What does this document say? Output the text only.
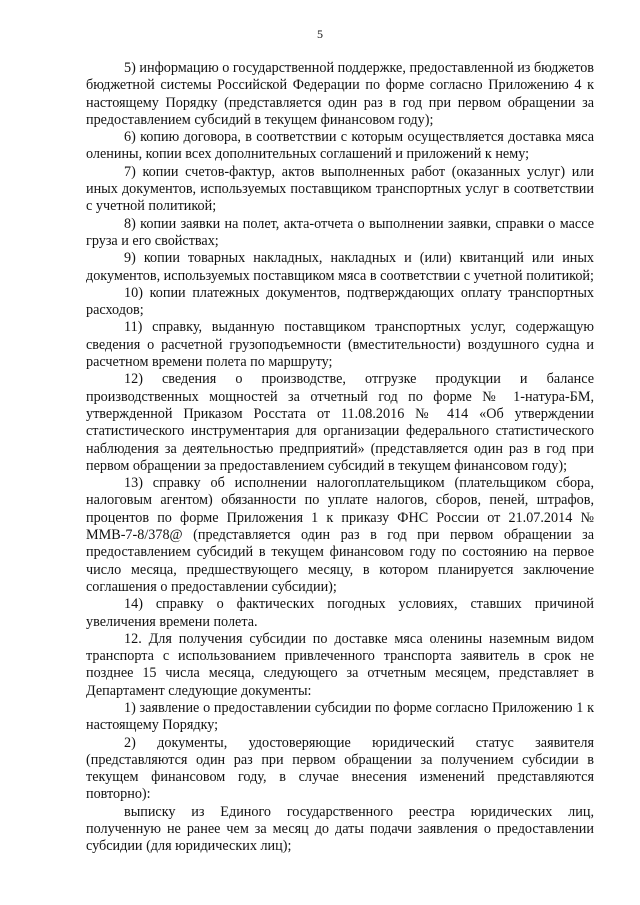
5

5) информацию о государственной поддержке, предоставленной из бюджетов бюджетной системы Российской Федерации по форме согласно Приложению 4 к настоящему Порядку (представляется один раз в год при первом обращении за предоставлением субсидий в текущем финансовом году);

6) копию договора, в соответствии с которым осуществляется доставка мяса оленины, копии всех дополнительных соглашений и приложений к нему;

7) копии счетов-фактур, актов выполненных работ (оказанных услуг) или иных документов, используемых поставщиком транспортных услуг в соответствии с учетной политикой;

8) копии заявки на полет, акта-отчета о выполнении заявки, справки о массе груза и его свойствах;

9) копии товарных накладных, накладных и (или) квитанций или иных документов, используемых поставщиком мяса в соответствии с учетной политикой;

10) копии платежных документов, подтверждающих оплату транспортных расходов;

11) справку, выданную поставщиком транспортных услуг, содержащую сведения о расчетной грузоподъемности (вместительности) воздушного судна и расчетном времени полета по маршруту;

12) сведения о производстве, отгрузке продукции и балансе производственных мощностей за отчетный год по форме № 1-натура-БМ, утвержденной Приказом Росстата от 11.08.2016 № 414 «Об утверждении статистического инструментария для организации федерального статистического наблюдения за деятельностью предприятий» (представляется один раз в год при первом обращении за предоставлением субсидий в текущем финансовом году);

13) справку об исполнении налогоплательщиком (плательщиком сбора, налоговым агентом) обязанности по уплате налогов, сборов, пеней, штрафов, процентов по форме Приложения 1 к приказу ФНС России от 21.07.2014 № ММВ-7-8/378@ (представляется один раз в год при первом обращении за предоставлением субсидий в текущем финансовом году по состоянию на первое число месяца, предшествующего месяцу, в котором планируется заключение соглашения о предоставлении субсидии);

14) справку о фактических погодных условиях, ставших причиной увеличения времени полета.

12. Для получения субсидии по доставке мяса оленины наземным видом транспорта с использованием привлеченного транспорта заявитель в срок не позднее 15 числа месяца, следующего за отчетным месяцем, представляет в Департамент следующие документы:

1) заявление о предоставлении субсидии по форме согласно Приложению 1 к настоящему Порядку;

2) документы, удостоверяющие юридический статус заявителя (представляются один раз при первом обращении за получением субсидии в текущем финансовом году, в случае внесения изменений представляются повторно):

выписку из Единого государственного реестра юридических лиц, полученную не ранее чем за месяц до даты подачи заявления о предоставлении субсидии (для юридических лиц);
